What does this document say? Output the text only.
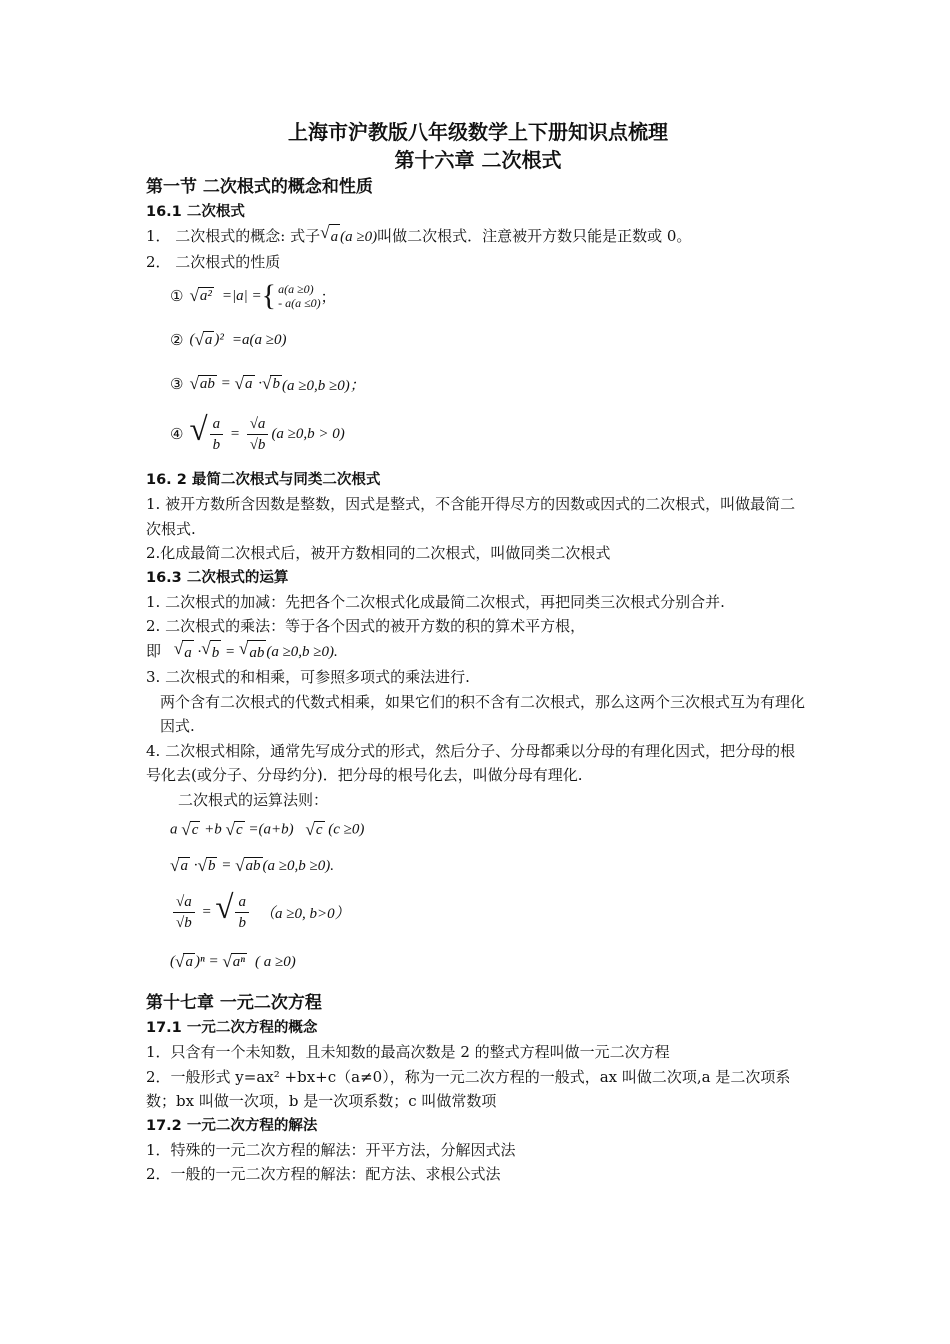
上海市沪教版八年级数学上下册知识点梳理
第十六章 二次根式
第一节 二次根式的概念和性质
16.1 二次根式
1． 二次根式的概念: 式子 √ a (a ≥0)叫做二次根式．注意被开方数只能是正数或 0。
2． 二次根式的性质
① √ a² =|a| = { a(a ≥0)
- a(a ≤0) ；
② ( √ a )² =a(a ≥0)
③ √ ab = √ a · √ b (a ≥0,b ≥0)；
④ √ $\frac{a}{b} = \frac{√a}{√b} (a \ge 0,b > 0)$
16. 2 最简二次根式与同类二次根式
1. 被开方数所含因数是整数，因式是整式，不含能开得尽方的因数或因式的二次根式，叫做最简二次根式.
2.化成最简二次根式后，被开方数相同的二次根式，叫做同类二次根式
16.3 二次根式的运算
1. 二次根式的加减：先把各个二次根式化成最简二次根式，再把同类三次根式分别合并.
2. 二次根式的乘法：等于各个因式的被开方数的积的算术平方根，
即 √ a · √ b = √ ab (a ≥0,b ≥0).
3. 二次根式的和相乘，可参照多项式的乘法进行.
两个含有二次根式的代数式相乘，如果它们的积不含有二次根式，那么这两个三次根式互为有理化因式.
4. 二次根式相除，通常先写成分式的形式，然后分子、分母都乘以分母的有理化因式，把分母的根号化去(或分子、分母约分)．把分母的根号化去，叫做分母有理化.
二次根式的运算法则：
a √ c +b √ c =(a+b) √ c (c ≥0)
√ a · √ b = √ ab (a ≥0,b ≥0).
$\frac{√a}{√b}$ = √ $\frac{a}{b} (a \ge 0$, b>0）
( √ a )ⁿ = √ aⁿ ( a ≥0)
第十七章 一元二次方程
17.1 一元二次方程的概念
1．只含有一个未知数，且未知数的最高次数是 2 的整式方程叫做一元二次方程
2．一般形式 y=ax² +bx+c（a≠0），称为一元二次方程的一般式，ax 叫做二次项,a 是二次项系数；bx 叫做一次项，b 是一次项系数；c 叫做常数项
17.2 一元二次方程的解法
1．特殊的一元二次方程的解法：开平方法，分解因式法
2．一般的一元二次方程的解法：配方法、求根公式法
